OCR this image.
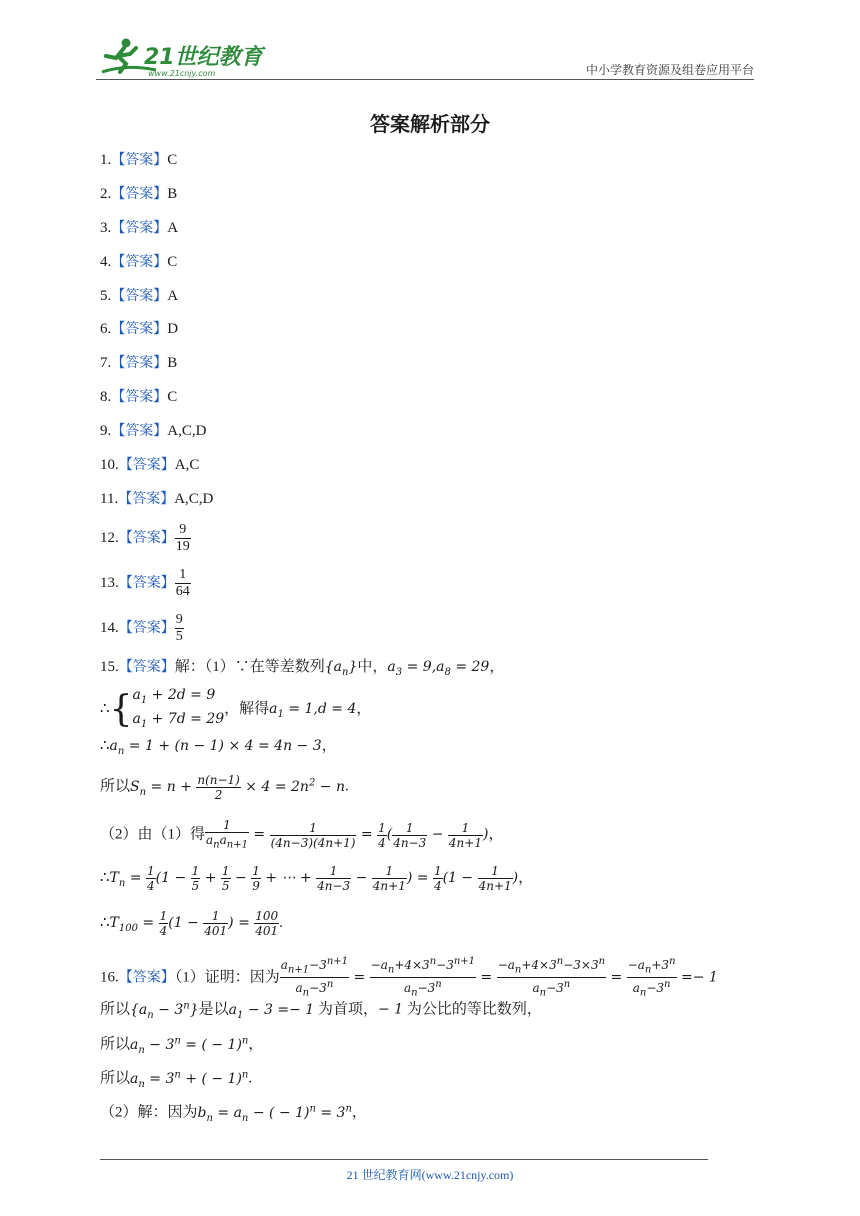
21世纪教育
www.21cnjy.com	中小学教育资源及组卷应用平台
答案解析部分
1.【答案】C
2.【答案】B
3.【答案】A
4.【答案】C
5.【答案】A
6.【答案】D
7.【答案】B
8.【答案】C
9.【答案】A,C,D
10.【答案】A,C
11.【答案】A,C,D
12.【答案】 $\frac{9}{19}$
13.【答案】 $\frac{1}{64}$
14.【答案】 $\frac{9}{5}$
15.【答案】解：（1）∵在等差数列$\{a_n\}$中，$a_3 = 9,a_8 = 29$，
$\therefore\{a_1 + 2d = 9$
$a_1 + 7d = 29$，解得$a_1 = 1,d = 4$，
$\therefore a_n = 1 + (n - 1) \times 4 = 4n - 3$，
所以$S_n = n + \frac{n(n-1)}{2} \times 4 = 2n^2 - n$.
（2）由（1）得
1
$a_na_{n+1}$
= $\frac{1}{(4n-3)(4n+1)} = \frac{1}{4}$ ( $\frac{1}{4n-3} - \frac{1}{4n+1}$ )，
$\therefore T_n = \frac{1}{4} (1 - \frac{1}{5} + \frac{1}{5} - \frac{1}{9}$ + ⋯ + $\frac{1}{4n-3} - \frac{1}{4n+1}$ ) = $\frac{1}{4} (1 - \frac{1}{4n+1}$ )，
$\therefore T_{100} = \frac{1}{4} (1 - \frac{1}{401}$ ) = $\frac{100}{401}$ .
16.【答案】（1）证明：因为 $\frac{a_{n+1}-3^{n+1}}{a_n-3^n} = \frac{-a_n+4\times 3^n-3^{n+1}}{a_n-3^n} = \frac{-a_n+4\times 3^n-3\times 3^n}{a_n-3^n} = \frac{-a_n+3^n}{a_n-3^n} =- 1$
所以$\{a_n - 3^n\}$是以$a_1 - 3 =- 1$ 为首项，− 1 为公比的等比数列，
所以$a_n - 3^n$ = ( − 1)$^n$，
所以$a_n = 3^n$ + ( − 1)$^n$.
（2）解：因为$b_n = a_n$ − ( − $1)^n = 3^n$，
21 世纪教育网(www.21cnjy.com)
